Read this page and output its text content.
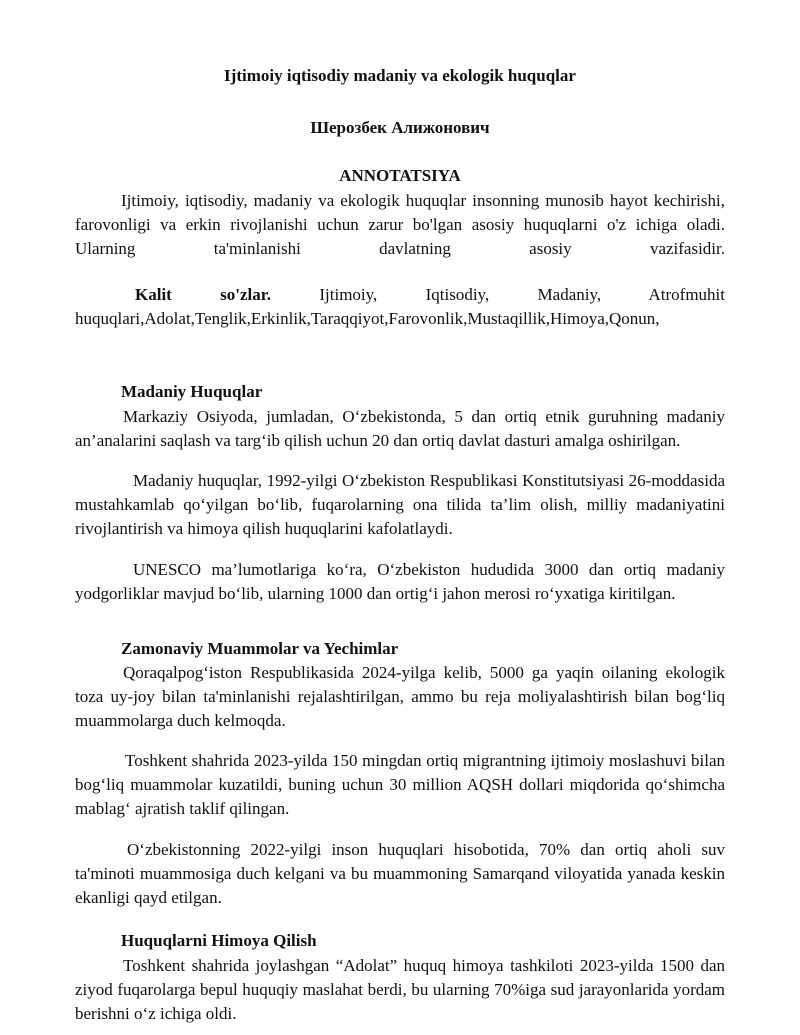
Ijtimoiy iqtisodiy madaniy va ekologik huquqlar
Шерозбек Алижонович
ANNOTATSIYA

Ijtimoiy, iqtisodiy, madaniy va ekologik huquqlar insonning munosib hayot kechirishi, farovonligi va erkin rivojlanishi uchun zarur bo'lgan asosiy huquqlarni o'z ichiga oladi. Ularning ta'minlanishi davlatning asosiy vazifasidir.

Kalit so'zlar.	Ijtimoiy, Iqtisodiy, Madaniy, Atrofmuhit huquqlari,Adolat,Tenglik,Erkinlik,Taraqqiyot,Farovonlik,Mustaqillik,Himoya,Qonun,

Madaniy Huquqlar

Markaziy Osiyoda, jumladan, O‘zbekistonda, 5 dan ortiq etnik guruhning madaniy an’analarini saqlash va targ‘ib qilish uchun 20 dan ortiq davlat dasturi amalga oshirilgan.

Madaniy huquqlar, 1992-yilgi O‘zbekiston Respublikasi Konstitutsiyasi 26-moddasida mustahkamlab qo‘yilgan bo‘lib, fuqarolarning ona tilida ta’lim olish, milliy madaniyatini rivojlantirish va himoya qilish huquqlarini kafolatlaydi.

UNESCO ma’lumotlariga ko‘ra, O‘zbekiston hududida 3000 dan ortiq madaniy yodgorliklar mavjud bo‘lib, ularning 1000 dan ortig‘i jahon merosi ro‘yxatiga kiritilgan.

Zamonaviy Muammolar va Yechimlar

Qoraqalpog‘iston Respublikasida 2024-yilga kelib, 5000 ga yaqin oilaning ekologik toza uy-joy bilan ta'minlanishi rejalashtirilgan, ammo bu reja moliyalashtirish bilan bog‘liq muammolarga duch kelmoqda.

Toshkent shahrida 2023-yilda 150 mingdan ortiq migrantning ijtimoiy moslashuvi bilan bog‘liq muammolar kuzatildi, buning uchun 30 million AQSH dollari miqdorida qo‘shimcha mablag‘ ajratish taklif qilingan.

O‘zbekistonning 2022-yilgi inson huquqlari hisobotida, 70% dan ortiq aholi suv ta'minoti muammosiga duch kelgani va bu muammoning Samarqand viloyatida yanada keskin ekanligi qayd etilgan.

Huquqlarni Himoya Qilish

Toshkent shahrida joylashgan “Adolat” huquq himoya tashkiloti 2023-yilda 1500 dan ziyod fuqarolarga bepul huquqiy maslahat berdi, bu ularning 70%iga sud jarayonlarida yordam berishni o‘z ichiga oldi.
